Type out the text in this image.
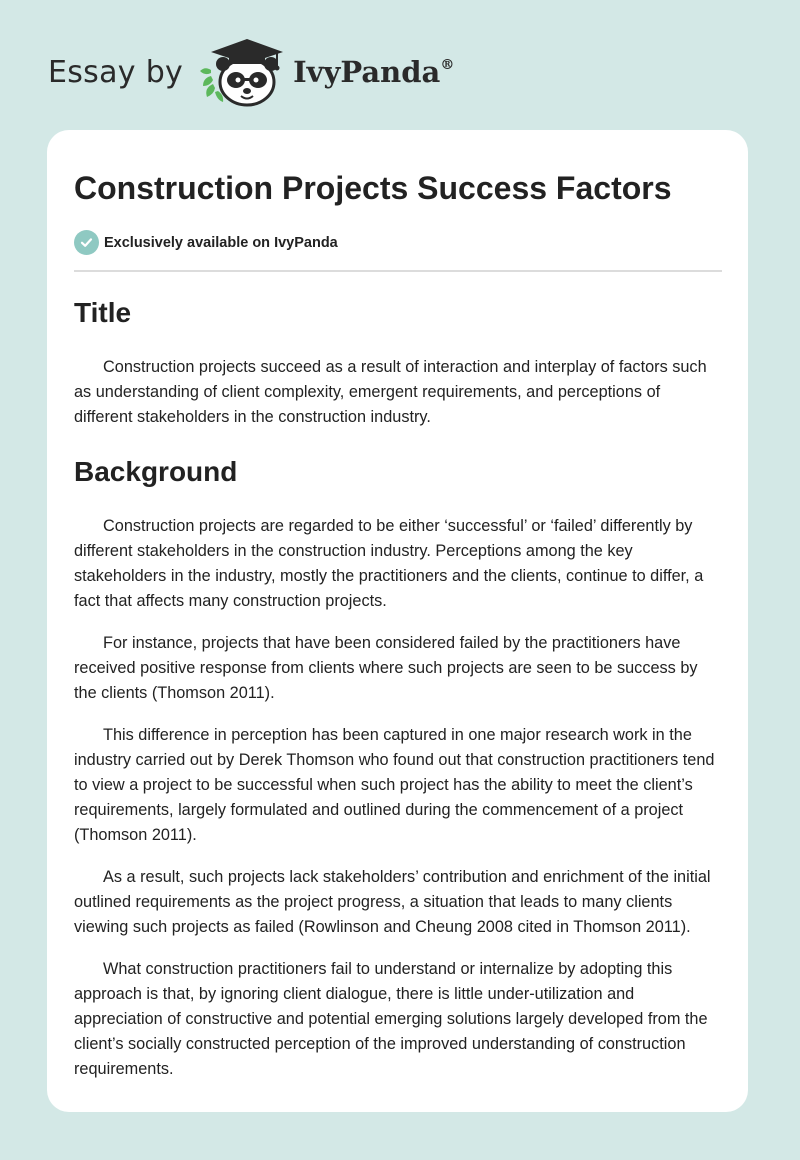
Essay by	IvyPanda®
Construction Projects Success Factors
Exclusively available on IvyPanda
Title

Construction projects succeed as a result of interaction and interplay of factors such as understanding of client complexity, emergent requirements, and perceptions of different stakeholders in the construction industry.

Background

Construction projects are regarded to be either ‘successful’ or ‘failed’ differently by different stakeholders in the construction industry. Perceptions among the key stakeholders in the industry, mostly the practitioners and the clients, continue to differ, a fact that affects many construction projects.

For instance, projects that have been considered failed by the practitioners have received positive response from clients where such projects are seen to be success by the clients (Thomson 2011).

This difference in perception has been captured in one major research work in the industry carried out by Derek Thomson who found out that construction practitioners tend to view a project to be successful when such project has the ability to meet the client’s requirements, largely formulated and outlined during the commencement of a project (Thomson 2011).

As a result, such projects lack stakeholders’ contribution and enrichment of the initial outlined requirements as the project progress, a situation that leads to many clients viewing such projects as failed (Rowlinson and Cheung 2008 cited in Thomson 2011).

What construction practitioners fail to understand or internalize by adopting this approach is that, by ignoring client dialogue, there is little under-utilization and appreciation of constructive and potential emerging solutions largely developed from the client’s socially constructed perception of the improved understanding of construction requirements.
